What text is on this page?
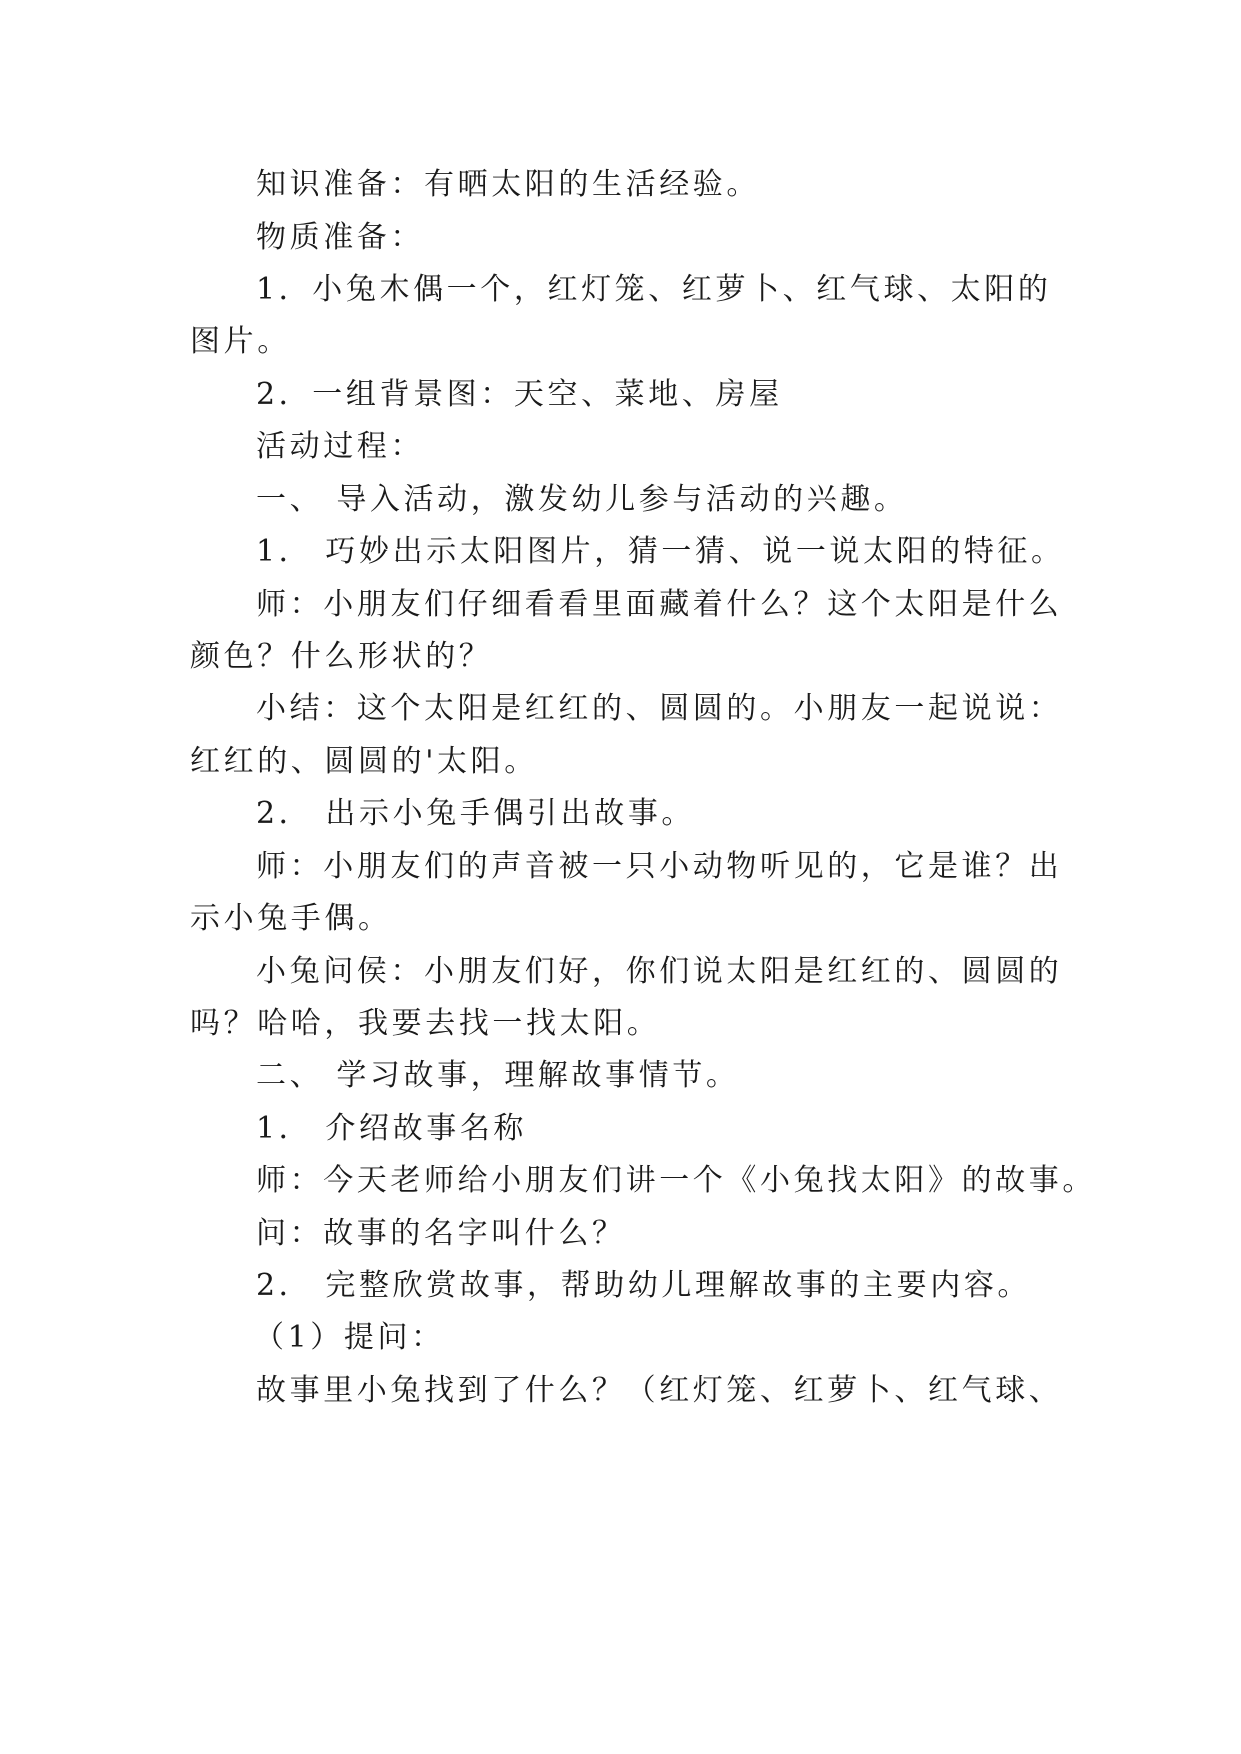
知识准备：有晒太阳的生活经验。
物质准备：
1．小兔木偶一个，红灯笼、红萝卜、红气球、太阳的
图片。
2．一组背景图：天空、菜地、房屋
活动过程：
一、 导入活动，激发幼儿参与活动的兴趣。
1． 巧妙出示太阳图片，猜一猜、说一说太阳的特征。
师：小朋友们仔细看看里面藏着什么？这个太阳是什么
颜色？什么形状的？
小结：这个太阳是红红的、圆圆的。小朋友一起说说：
红红的、圆圆的'太阳。
2． 出示小兔手偶引出故事。
师：小朋友们的声音被一只小动物听见的，它是谁？出
示小兔手偶。
小兔问侯：小朋友们好，你们说太阳是红红的、圆圆的
吗？哈哈，我要去找一找太阳。
二、 学习故事，理解故事情节。
1． 介绍故事名称
师：今天老师给小朋友们讲一个《小兔找太阳》的故事。
问：故事的名字叫什么？
2． 完整欣赏故事，帮助幼儿理解故事的主要内容。
（1）提问：
故事里小兔找到了什么？（红灯笼、红萝卜、红气球、
